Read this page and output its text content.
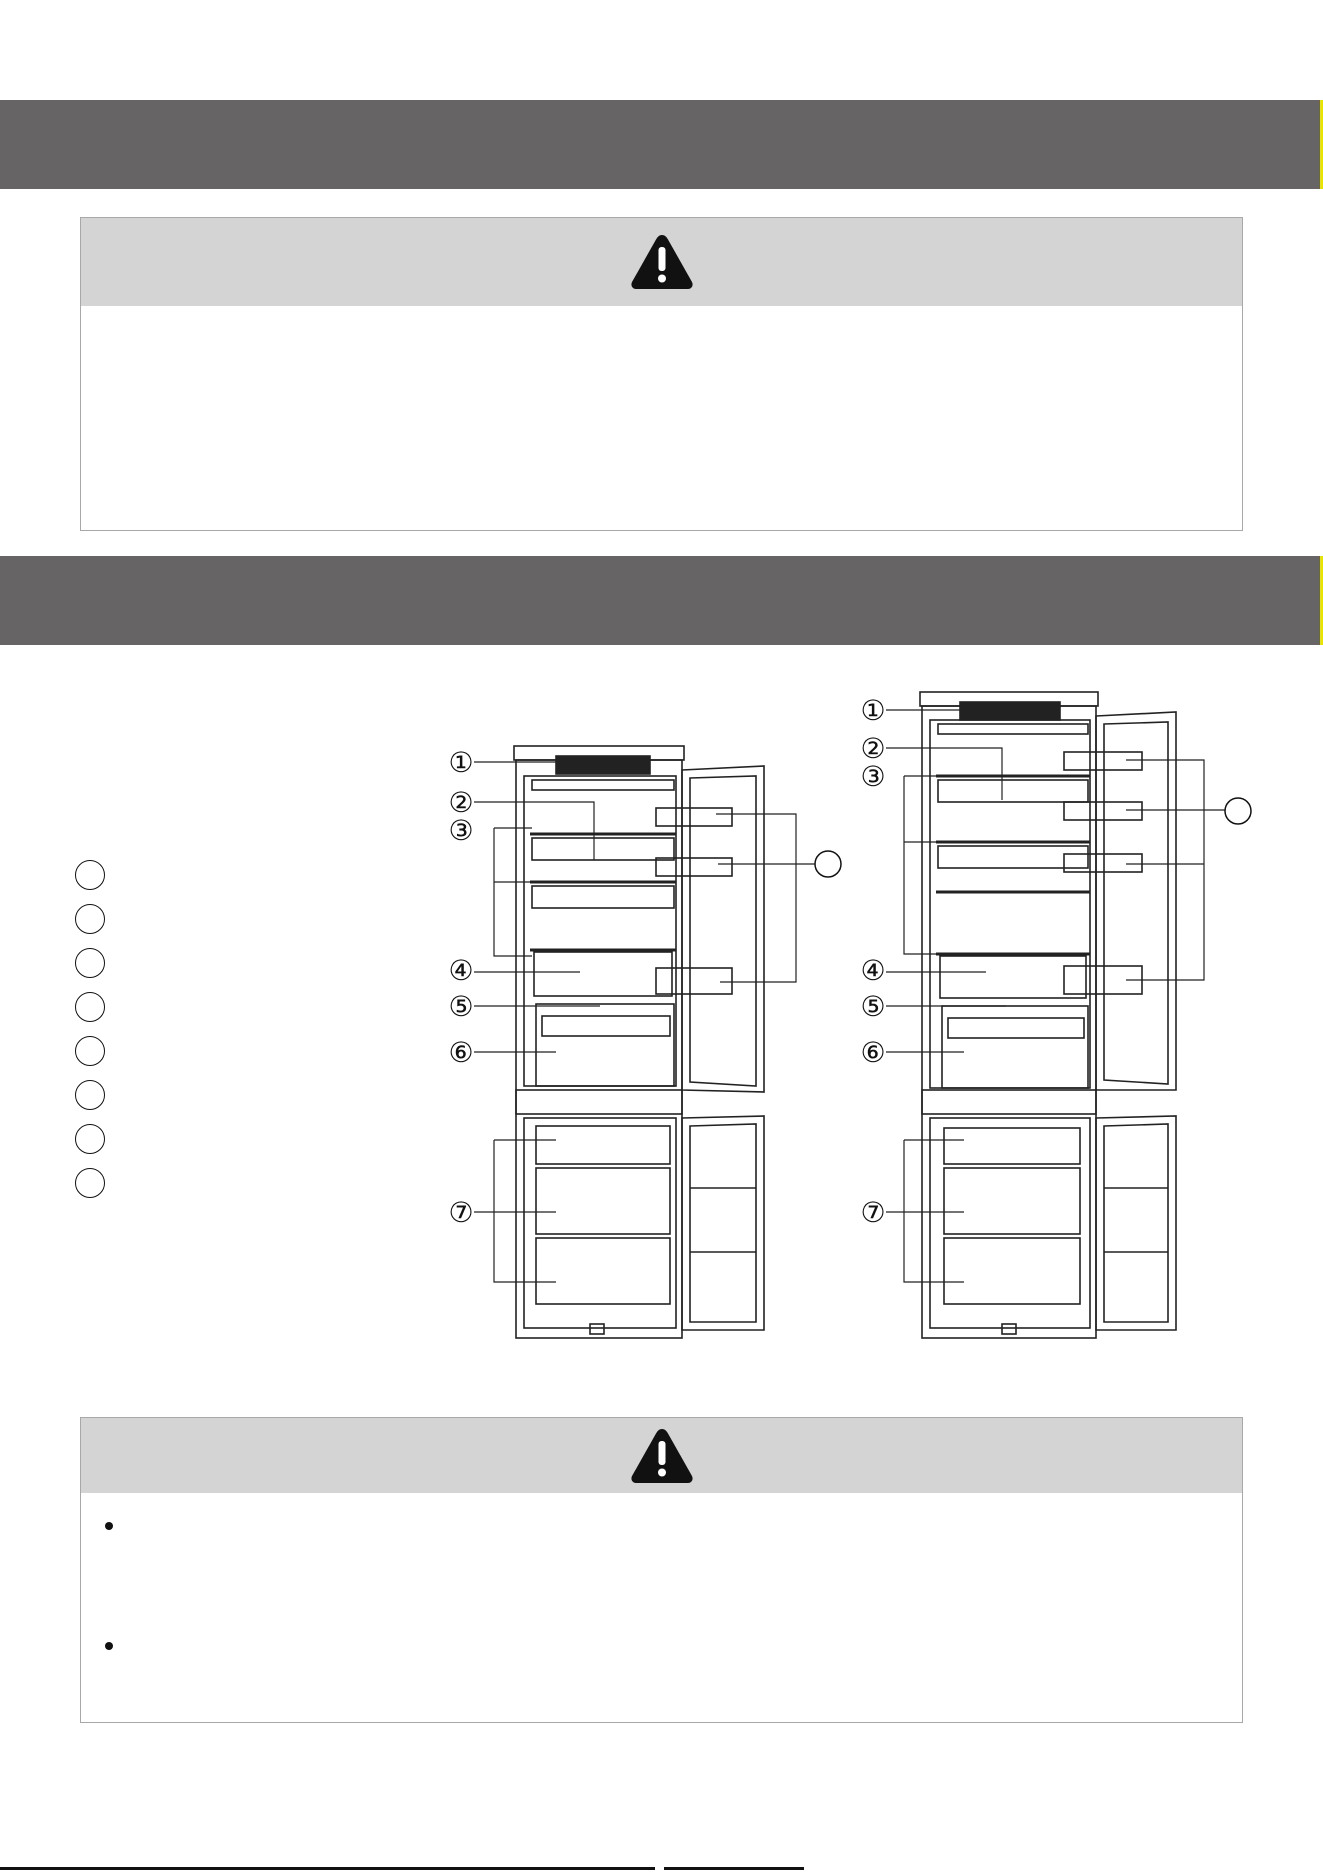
①
②
③
④
⑤
⑥
⑦
①
②
③
④
⑤
⑥
⑦
